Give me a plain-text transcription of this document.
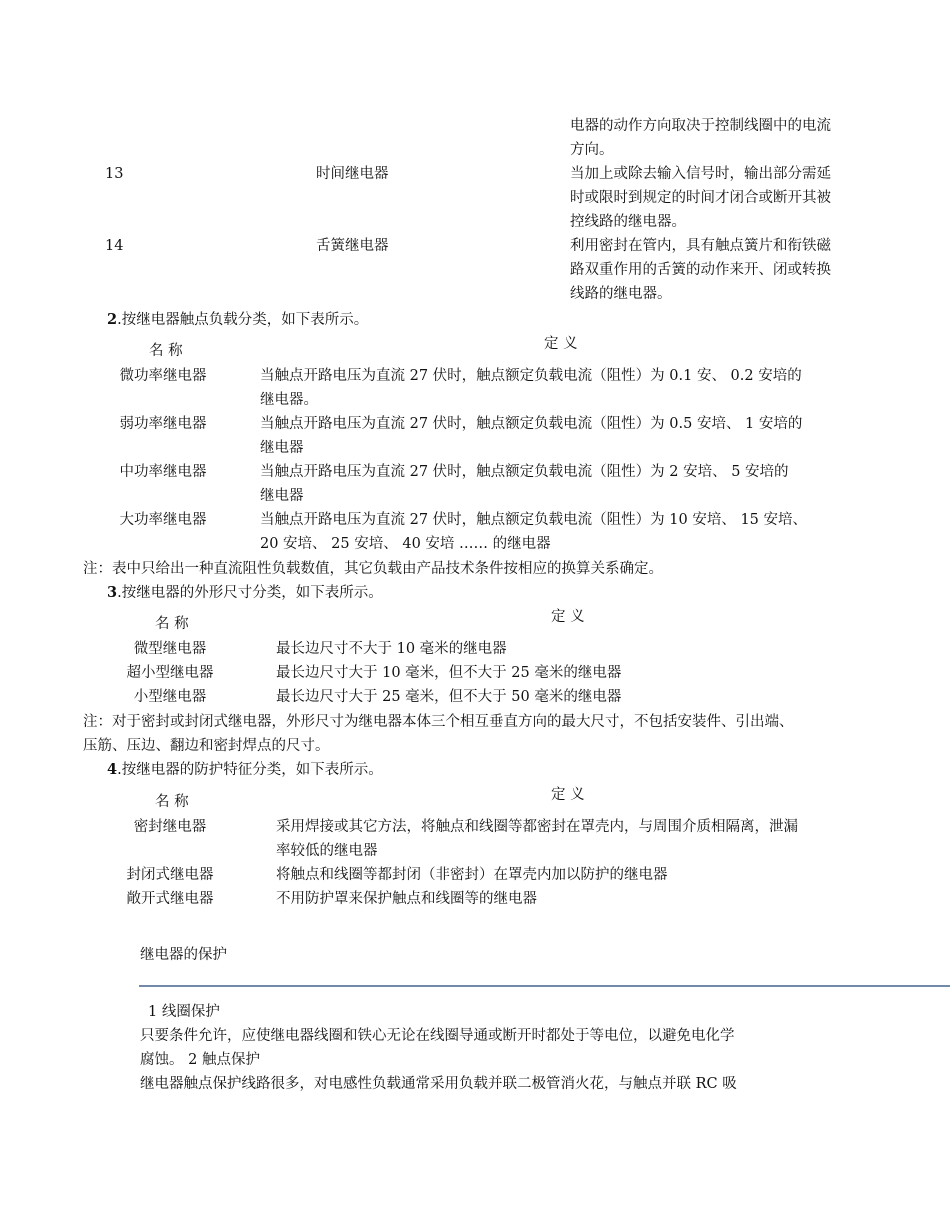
电器的动作方向取决于控制线圈中的电流
方向。
13	时间继电器	当加上或除去输入信号时，输出部分需延
时或限时到规定的时间才闭合或断开其被
控线路的继电器。
14	舌簧继电器	利用密封在管内，具有触点簧片和衔铁磁
路双重作用的舌簧的动作来开、闭或转换
线路的继电器。
2.按继电器触点负载分类，如下表所示。
名 称	定 义
微功率继电器	当触点开路电压为直流 27 伏时，触点额定负载电流（阻性）为 0.1 安、 0.2 安培的
继电器。
弱功率继电器	当触点开路电压为直流 27 伏时，触点额定负载电流（阻性）为 0.5 安培、 1 安培的
继电器
中功率继电器	当触点开路电压为直流 27 伏时，触点额定负载电流（阻性）为 2 安培、 5 安培的
继电器
大功率继电器	当触点开路电压为直流 27 伏时，触点额定负载电流（阻性）为 10 安培、 15 安培、
20 安培、 25 安培、 40 安培 …… 的继电器
注：表中只给出一种直流阻性负载数值，其它负载由产品技术条件按相应的换算关系确定。
3.按继电器的外形尺寸分类，如下表所示。
名 称	定 义
微型继电器	最长边尺寸不大于 10 毫米的继电器
超小型继电器	最长边尺寸大于 10 毫米，但不大于 25 毫米的继电器
小型继电器	最长边尺寸大于 25 毫米，但不大于 50 毫米的继电器
注：对于密封或封闭式继电器，外形尺寸为继电器本体三个相互垂直方向的最大尺寸，不包括安装件、引出端、
压筋、压边、翻边和密封焊点的尺寸。
4.按继电器的防护特征分类，如下表所示。
名 称	定 义
密封继电器	采用焊接或其它方法，将触点和线圈等都密封在罩壳内，与周围介质相隔离，泄漏
率较低的继电器
封闭式继电器	将触点和线圈等都封闭（非密封）在罩壳内加以防护的继电器
敞开式继电器	不用防护罩来保护触点和线圈等的继电器
继电器的保护
1 线圈保护
只要条件允许，应使继电器线圈和铁心无论在线圈导通或断开时都处于等电位，以避免电化学
腐蚀。 2 触点保护
继电器触点保护线路很多，对电感性负载通常采用负载并联二极管消火花，与触点并联 RC 吸
